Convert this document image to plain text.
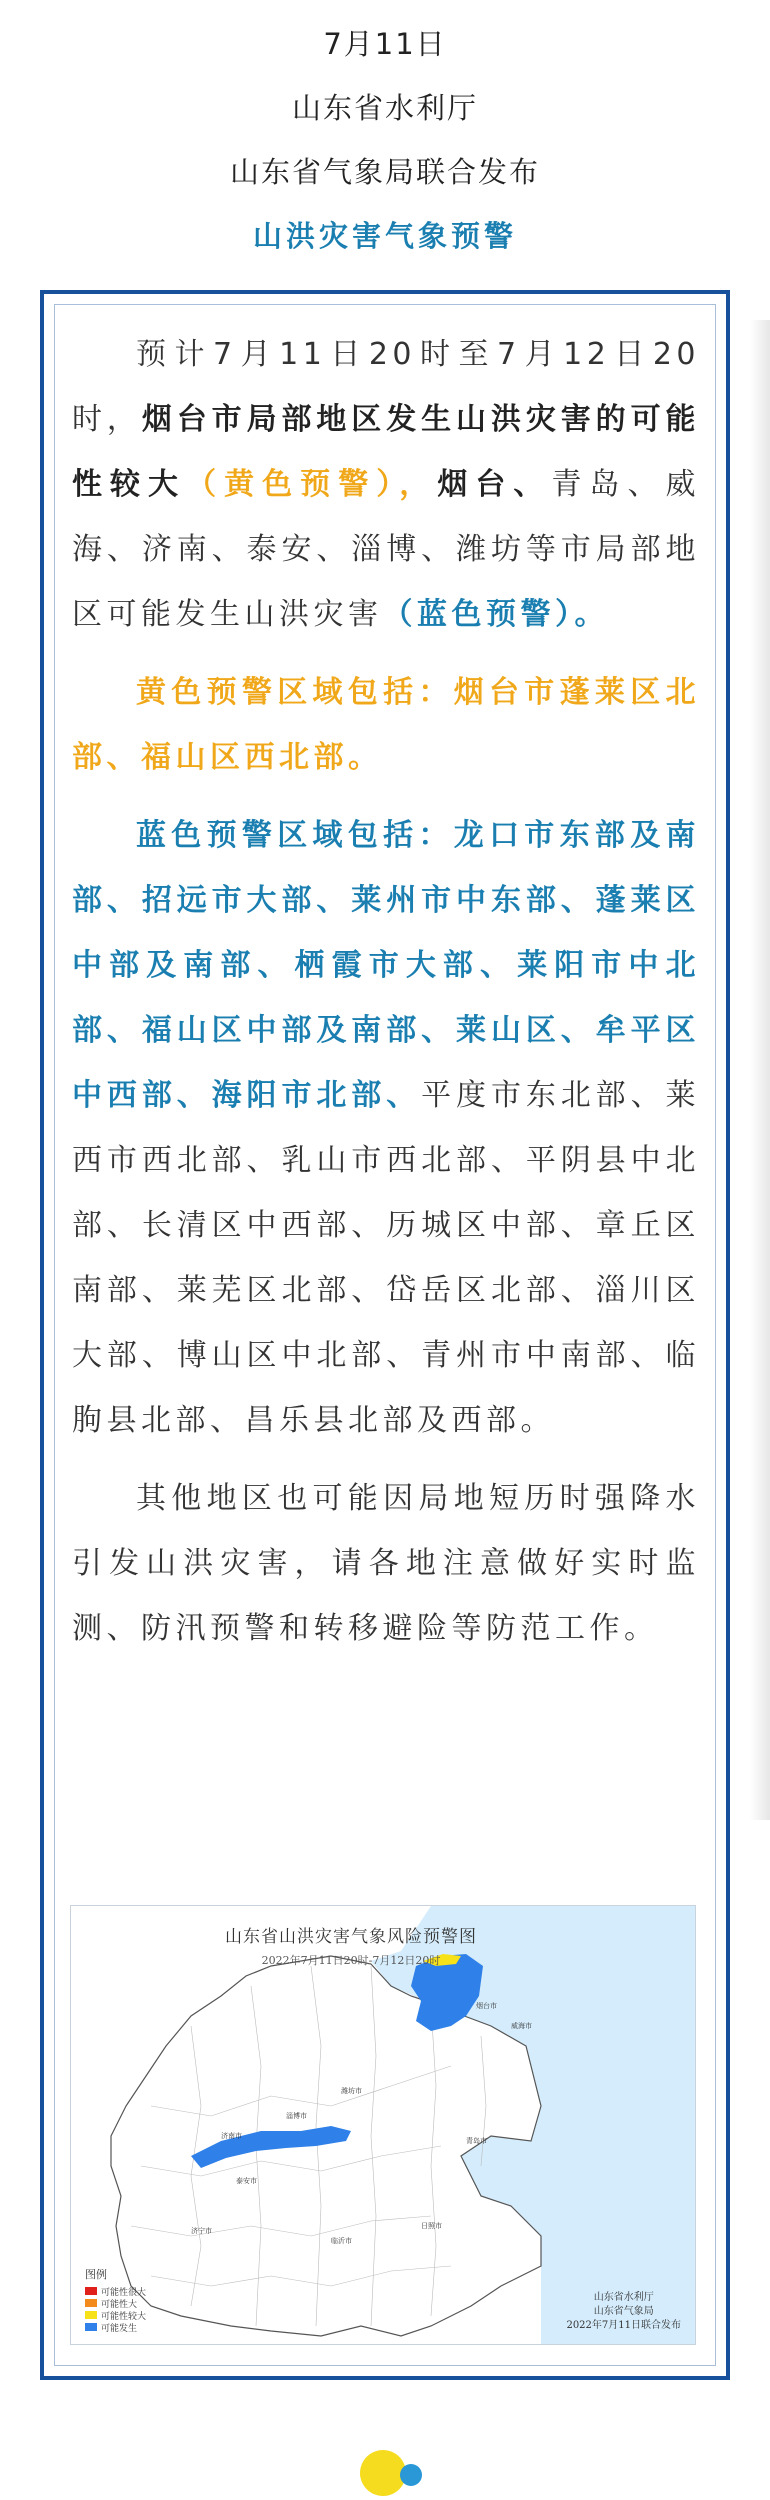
7月11日
山东省水利厅
山东省气象局联合发布
山洪灾害气象预警

预计7月11日20时至7月12日20时，烟台市局部地区发生山洪灾害的可能性较大（黄色预警），烟台、青岛、威海、济南、泰安、淄博、潍坊等市局部地区可能发生山洪灾害（蓝色预警）。

黄色预警区域包括：烟台市蓬莱区北部、福山区西北部。

蓝色预警区域包括：龙口市东部及南部、招远市大部、莱州市中东部、蓬莱区中部及南部、栖霞市大部、莱阳市中北部、福山区中部及南部、莱山区、牟平区中西部、海阳市北部、平度市东北部、莱西市西北部、乳山市西北部、平阴县中北部、长清区中西部、历城区中部、章丘区南部、莱芜区北部、岱岳区北部、淄川区大部、博山区中北部、青州市中南部、临朐县北部、昌乐县北部及西部。

其他地区也可能因局地短历时强降水引发山洪灾害，请各地注意做好实时监测、防汛预警和转移避险等防范工作。

山东省山洪灾害气象风险预警图
2022年7月11日20时-7月12日20时
烟台市
威海市
青岛市
日照市
潍坊市
淄博市
济南市
泰安市
济宁市
临沂市
图例
可能性很大
可能性大
可能性较大
可能发生
山东省水利厅
山东省气象局
2022年7月11日联合发布
